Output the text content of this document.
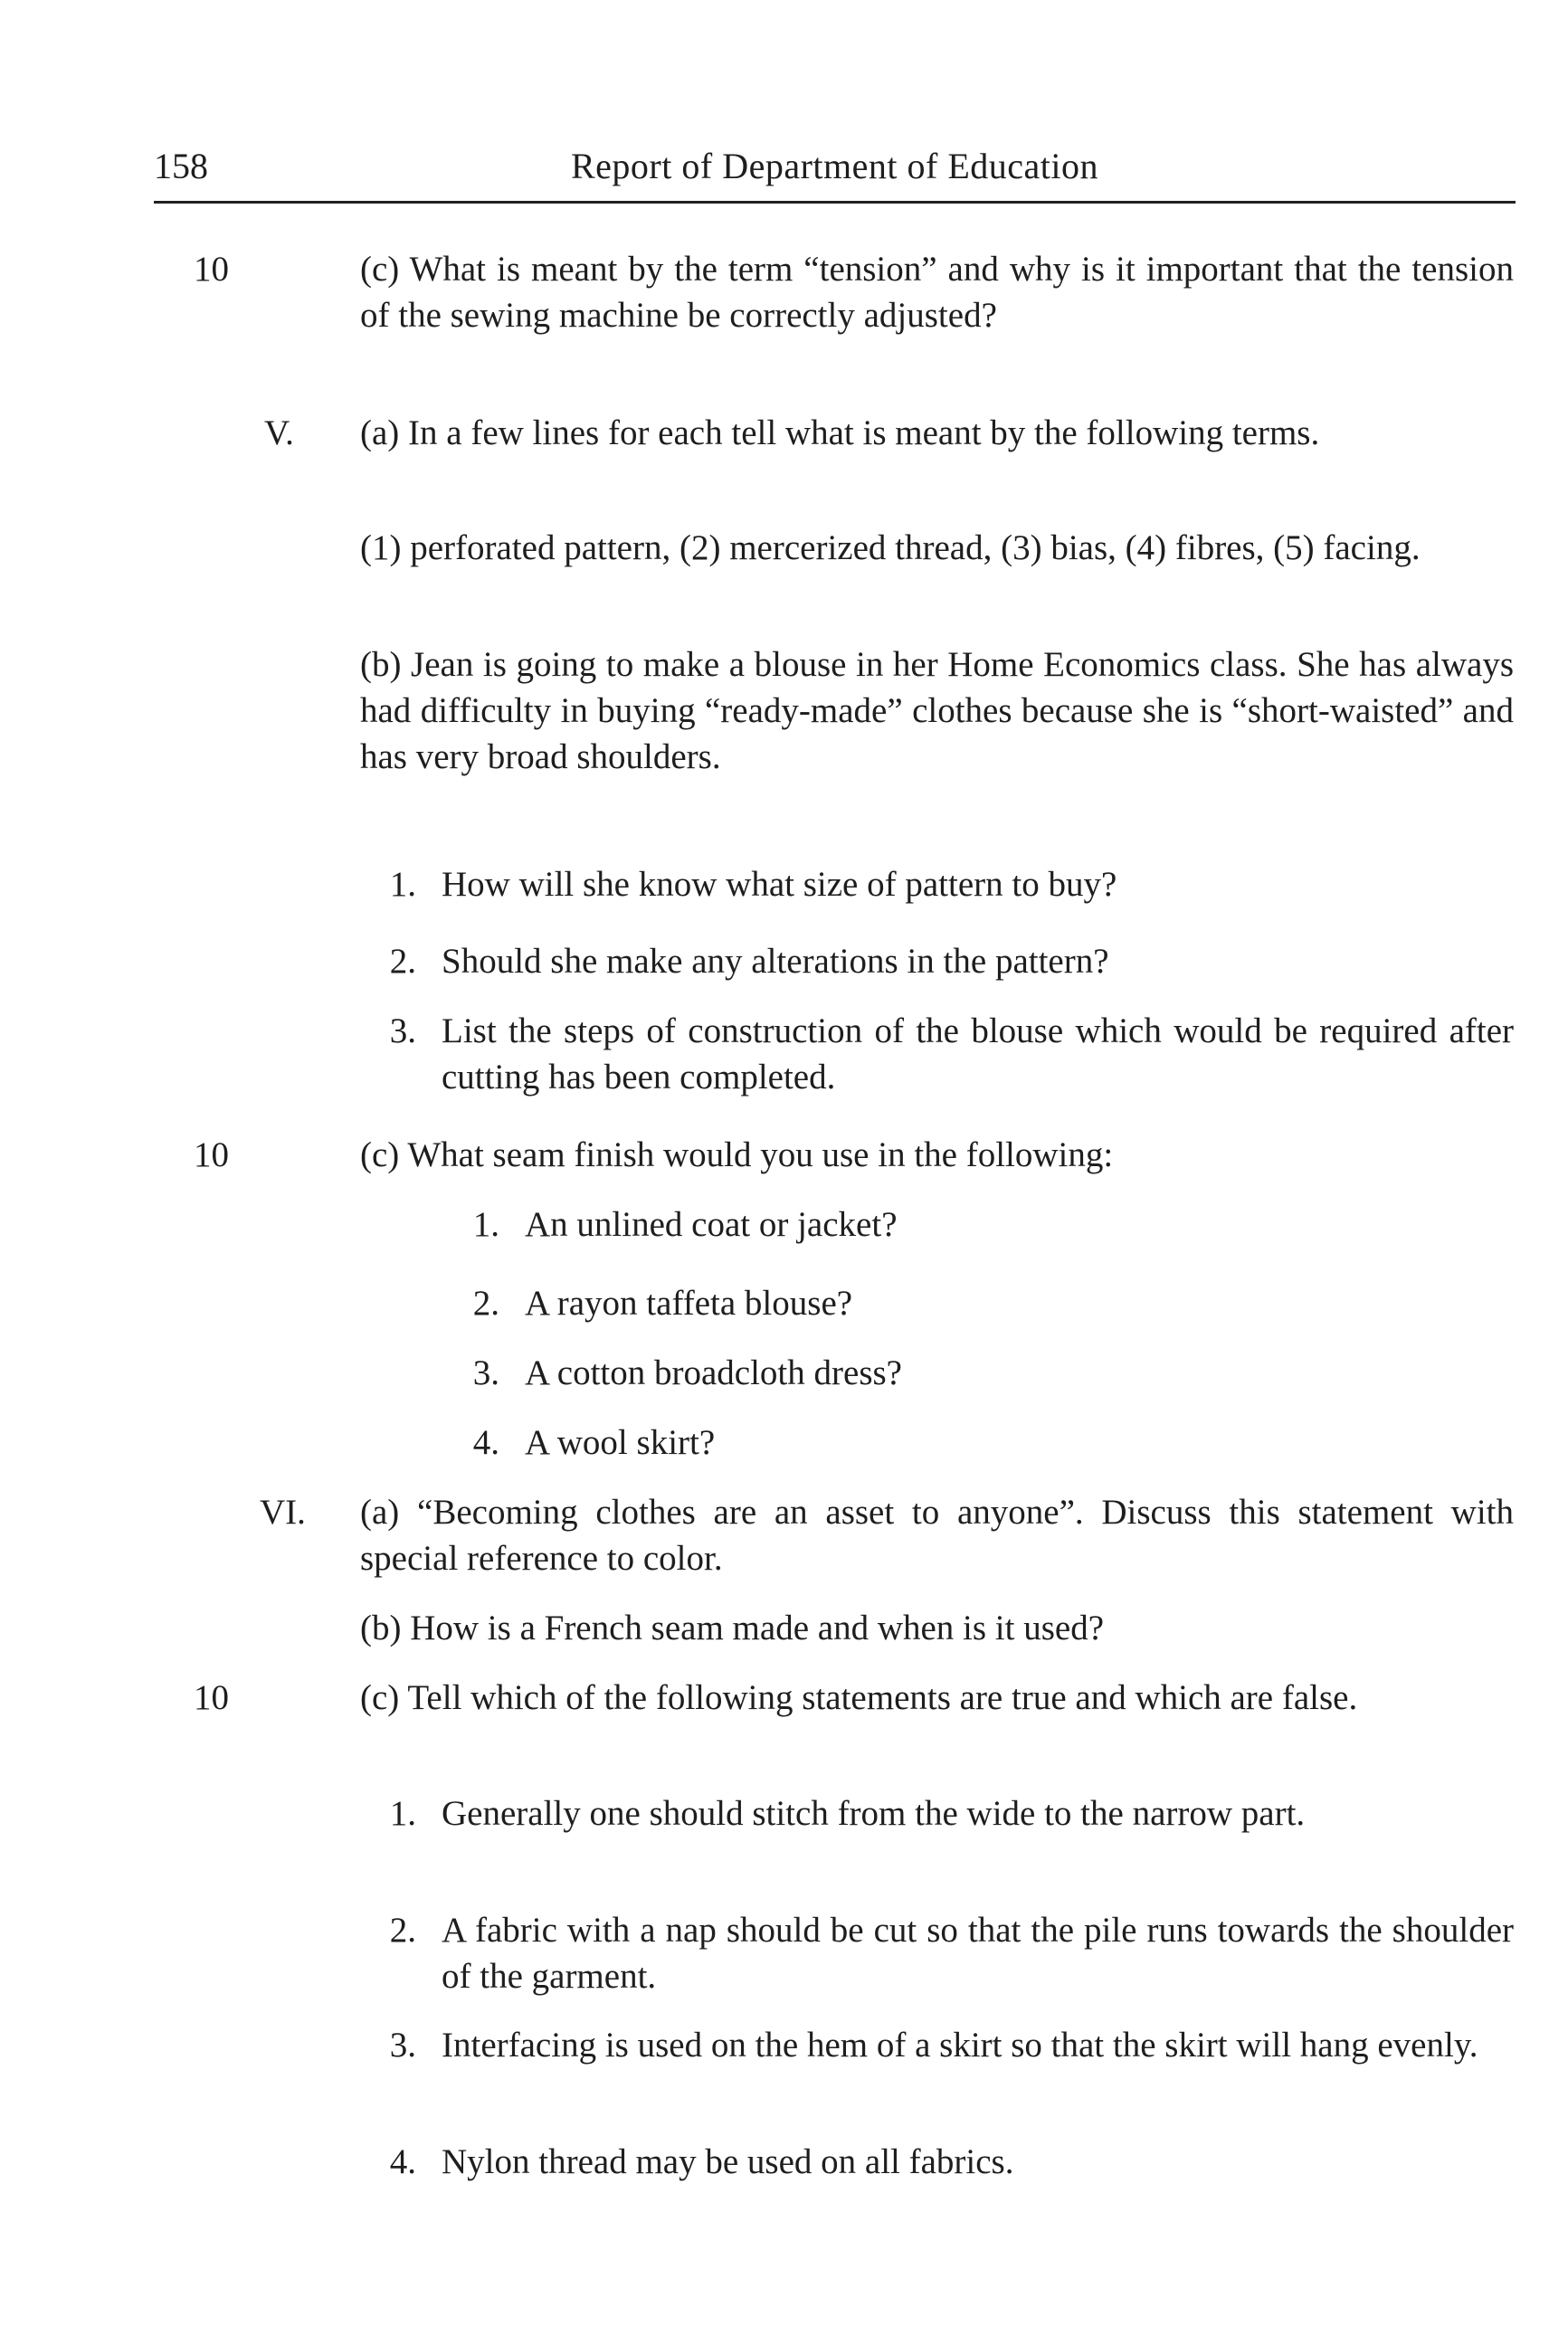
158	Report of Department of Education
10	(c) What is meant by the term “tension” and why is it important that the tension of the sewing machine be correctly adjusted?
V. (a) In a few lines for each tell what is meant by the following terms.
(1) perforated pattern, (2) mercerized thread, (3) bias, (4) fibres, (5) facing.
(b) Jean is going to make a blouse in her Home Economics class. She has always had difficulty in buying “ready-made” clothes because she is “short-waisted” and has very broad shoulders.
1. How will she know what size of pattern to buy?
2. Should she make any alterations in the pattern?
3. List the steps of construction of the blouse which would be required after cutting has been completed.
10	(c) What seam finish would you use in the following:
1. An unlined coat or jacket?
2. A rayon taffeta blouse?
3. A cotton broadcloth dress?
4. A wool skirt?
VI. (a) “Becoming clothes are an asset to anyone”. Discuss this statement with special reference to color.
(b) How is a French seam made and when is it used?
10	(c) Tell which of the following statements are true and which are false.
1. Generally one should stitch from the wide to the narrow part.
2. A fabric with a nap should be cut so that the pile runs towards the shoulder of the garment.
3. Interfacing is used on the hem of a skirt so that the skirt will hang evenly.
4. Nylon thread may be used on all fabrics.
